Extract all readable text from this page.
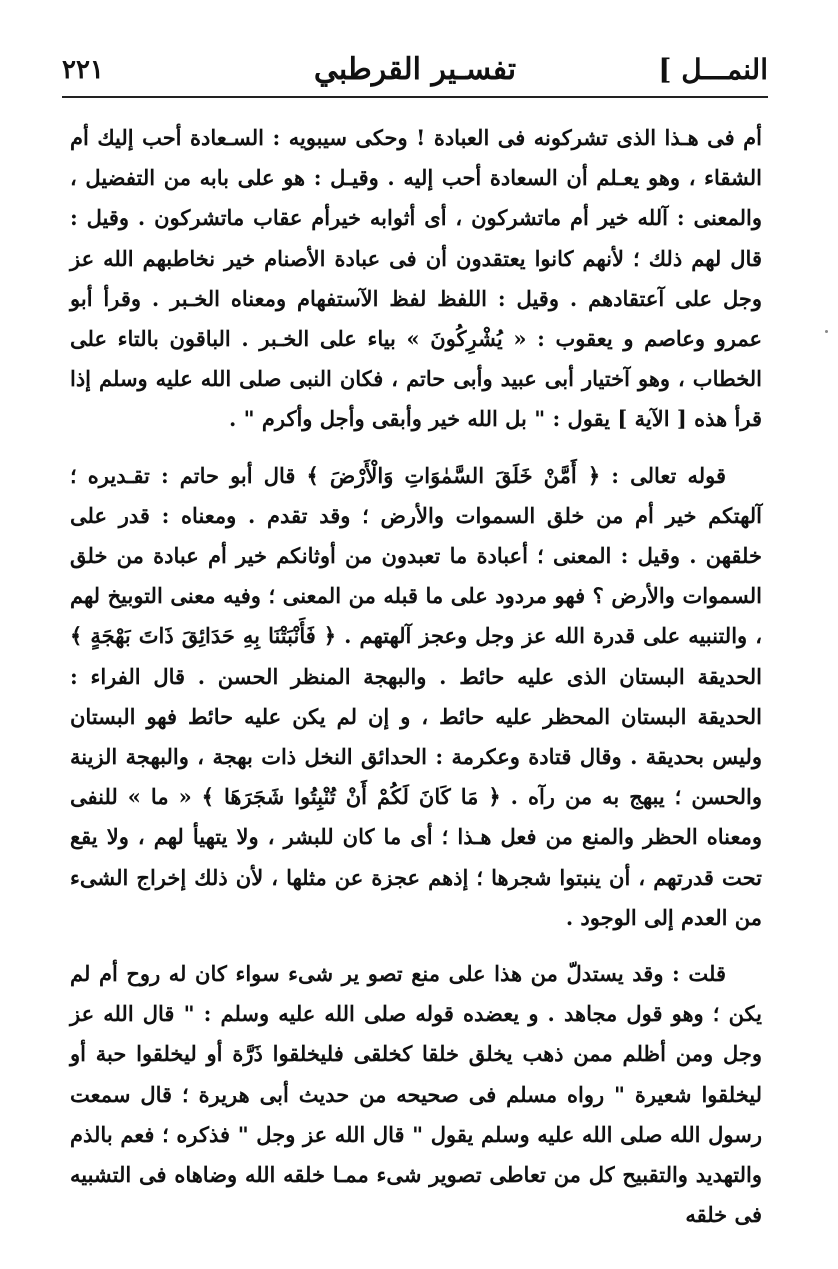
النمـــل ]
تفسـير القرطبي
٢٢١

أم فى هـذا الذى تشركونه فى العبادة ! وحكى سيبويه : السـعادة أحب إليك أم الشقاء ، وهو يعـلم أن السعادة أحب إليه . وقيـل : هو على بابه من التفضيل ، والمعنى : آلله خير أم ماتشركون ، أى أثوابه خيرأم عقاب ماتشركون . وقيل : قال لهم ذلك ؛ لأنهم كانوا يعتقدون أن فى عبادة الأصنام خير نخاطبهم الله عز وجل على آعتقادهم . وقيل : اللفظ لفظ الآستفهام ومعناه الخـبر . وقرأ أبو عمرو وعاصم و يعقوب : « يُشْرِكُونَ » بياء على الخـبر . الباقون بالتاء على الخطاب ، وهو آختيار أبى عبيد وأبى حاتم ، فكان النبى صلى الله عليه وسلم إذا قرأ هذه [ الآية ] يقول : " بل الله خير وأبقى وأجل وأكرم " .

قوله تعالى : ﴿ أَمَّنْ خَلَقَ السَّمٰوَاتِ وَالْأَرْضَ ﴾ قال أبو حاتم : تقـديره ؛ آلهتكم خير أم من خلق السموات والأرض ؛ وقد تقدم . ومعناه : قدر على خلقهن . وقيل : المعنى ؛ أعبادة ما تعبدون من أوثانكم خير أم عبادة من خلق السموات والأرض ؟ فهو مردود على ما قبله من المعنى ؛ وفيه معنى التوبيخ لهم ، والتنبيه على قدرة الله عز وجل وعجز آلهتهم . ﴿ فَأَنْبَتْنَا بِهِ حَدَائِقَ ذَاتَ بَهْجَةٍ ﴾ الحديقة البستان الذى عليه حائط . والبهجة المنظر الحسن . قال الفراء : الحديقة البستان المحظر عليه حائط ، و إن لم يكن عليه حائط فهو البستان وليس بحديقة . وقال قتادة وعكرمة : الحدائق النخل ذات بهجة ، والبهجة الزينة والحسن ؛ يبهج به من رآه . ﴿ مَا كَانَ لَكُمْ أَنْ تُنْبِتُوا شَجَرَهَا ﴾ « ما » للنفى ومعناه الحظر والمنع من فعل هـذا ؛ أى ما كان للبشر ، ولا يتهيأ لهم ، ولا يقع تحت قدرتهم ، أن ينبتوا شجرها ؛ إذهم عجزة عن مثلها ، لأن ذلك إخراج الشىء من العدم إلى الوجود .

قلت : وقد يستدلّ من هذا على منع تصو ير شىء سواء كان له روح أم لم يكن ؛ وهو قول مجاهد . و يعضده قوله صلى الله عليه وسلم : " قال الله عز وجل ومن أظلم ممن ذهب يخلق خلقا كخلقى فليخلقوا ذَرَّة أو ليخلقوا حبة أو ليخلقوا شعيرة " رواه مسلم فى صحيحه من حديث أبى هريرة ؛ قال سمعت رسول الله صلى الله عليه وسلم يقول " قال الله عز وجل " فذكره ؛ فعم بالذم والتهديد والتقبيح كل من تعاطى تصوير شىء ممـا خلقه الله وضاهاه فى التشبيه فى خلقه
